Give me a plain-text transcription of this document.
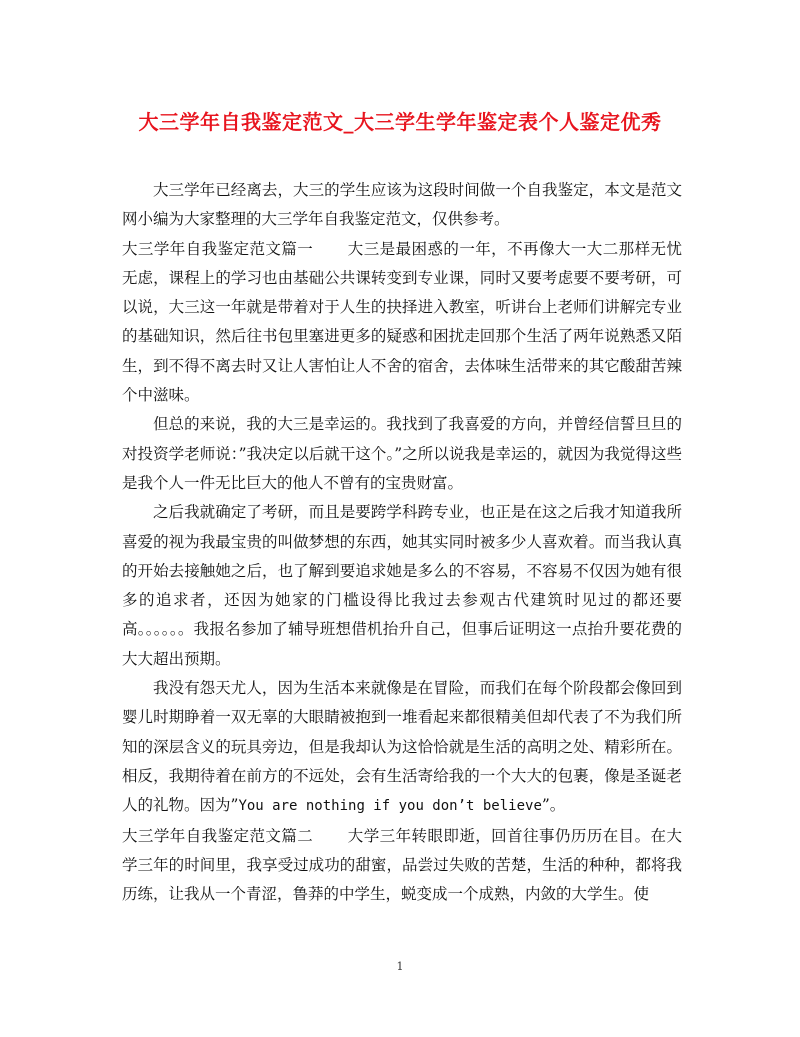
大三学年自我鉴定范文_大三学生学年鉴定表个人鉴定优秀

大三学年已经离去，大三的学生应该为这段时间做一个自我鉴定，本文是范文网小编为大家整理的大三学年自我鉴定范文，仅供参考。

大三学年自我鉴定范文篇一 大三是最困惑的一年，不再像大一大二那样无忧无虑，课程上的学习也由基础公共课转变到专业课，同时又要考虑要不要考研，可以说，大三这一年就是带着对于人生的抉择进入教室，听讲台上老师们讲解完专业的基础知识，然后往书包里塞进更多的疑惑和困扰走回那个生活了两年说熟悉又陌生，到不得不离去时又让人害怕让人不舍的宿舍，去体味生活带来的其它酸甜苦辣个中滋味。

但总的来说，我的大三是幸运的。我找到了我喜爱的方向，并曾经信誓旦旦的对投资学老师说：”我决定以后就干这个。”之所以说我是幸运的，就因为我觉得这些是我个人一件无比巨大的他人不曾有的宝贵财富。

之后我就确定了考研，而且是要跨学科跨专业，也正是在这之后我才知道我所喜爱的视为我最宝贵的叫做梦想的东西，她其实同时被多少人喜欢着。而当我认真的开始去接触她之后，也了解到要追求她是多么的不容易，不容易不仅因为她有很多的追求者，还因为她家的门槛设得比我过去参观古代建筑时见过的都还要高。。。。。。我报名参加了辅导班想借机抬升自己，但事后证明这一点抬升要花费的大大超出预期。

我没有怨天尤人，因为生活本来就像是在冒险，而我们在每个阶段都会像回到婴儿时期睁着一双无辜的大眼睛被抱到一堆看起来都很精美但却代表了不为我们所知的深层含义的玩具旁边，但是我却认为这恰恰就是生活的高明之处、精彩所在。相反，我期待着在前方的不远处，会有生活寄给我的一个大大的包裹，像是圣诞老人的礼物。因为”You are nothing if you don’t believe”。

大三学年自我鉴定范文篇二 大学三年转眼即逝，回首往事仍历历在目。在大学三年的时间里，我享受过成功的甜蜜，品尝过失败的苦楚，生活的种种，都将我历练，让我从一个青涩，鲁莽的中学生，蜕变成一个成熟，内敛的大学生。使

1
